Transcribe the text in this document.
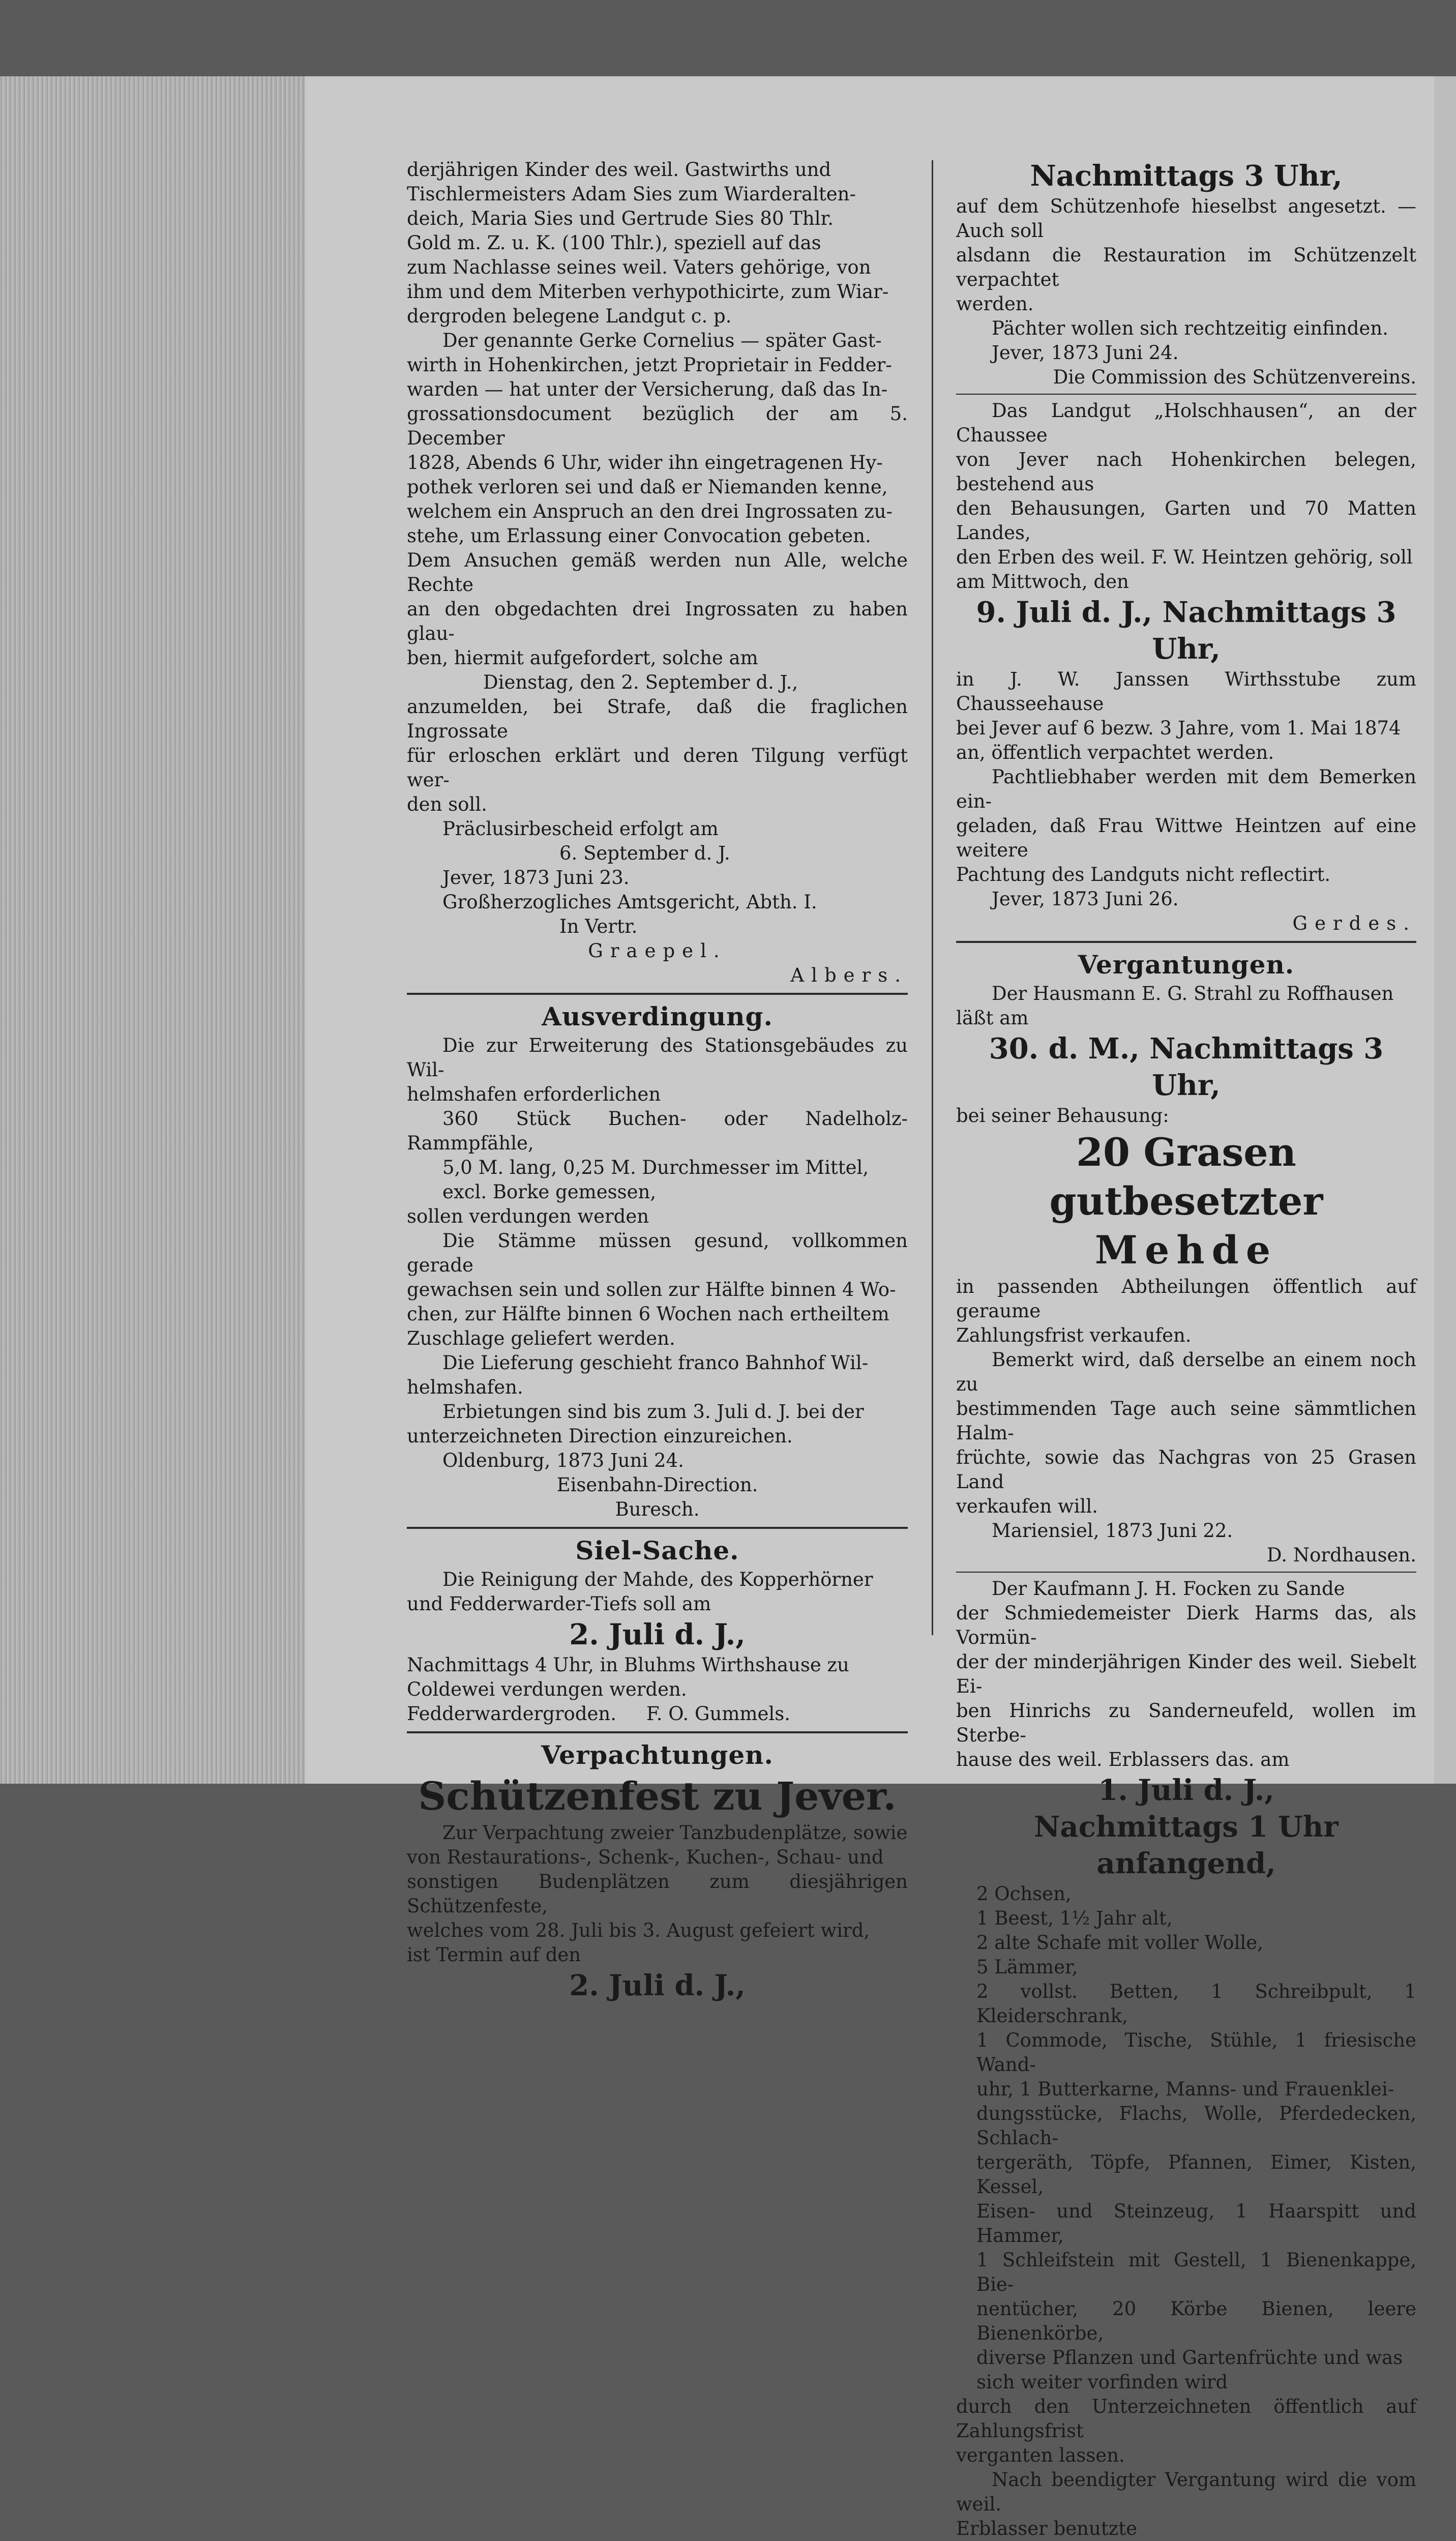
derjährigen Kinder des weil. Gastwirths und

Tischlermeisters Adam Sies zum Wiarderalten-

deich, Maria Sies und Gertrude Sies 80 Thlr.

Gold m. Z. u. K. (100 Thlr.), speziell auf das

zum Nachlasse seines weil. Vaters gehörige, von

ihm und dem Miterben verhypothicirte, zum Wiar-

dergroden belegene Landgut c. p.

Der genannte Gerke Cornelius — später Gast-

wirth in Hohenkirchen, jetzt Proprietair in Fedder-

warden — hat unter der Versicherung, daß das In-

grossationsdocument bezüglich der am 5. December

1828, Abends 6 Uhr, wider ihn eingetragenen Hy-

pothek verloren sei und daß er Niemanden kenne,

welchem ein Anspruch an den drei Ingrossaten zu-

stehe, um Erlassung einer Convocation gebeten.

Dem Ansuchen gemäß werden nun Alle, welche Rechte

an den obgedachten drei Ingrossaten zu haben glau-

ben, hiermit aufgefordert, solche am

Dienstag, den 2. September d. J.,

anzumelden, bei Strafe, daß die fraglichen Ingrossate

für erloschen erklärt und deren Tilgung verfügt wer-

den soll.

Präclusirbescheid erfolgt am

6. September d. J.

Jever, 1873 Juni 23.

Großherzogliches Amtsgericht, Abth. I.

In Vertr.

Graepel.

Albers.

Ausverdingung.

Die zur Erweiterung des Stationsgebäudes zu Wil-

helmshafen erforderlichen

360 Stück Buchen- oder Nadelholz-Rammpfähle,

5,0 M. lang, 0,25 M. Durchmesser im Mittel,

excl. Borke gemessen,

sollen verdungen werden

Die Stämme müssen gesund, vollkommen gerade

gewachsen sein und sollen zur Hälfte binnen 4 Wo-

chen, zur Hälfte binnen 6 Wochen nach ertheiltem

Zuschlage geliefert werden.

Die Lieferung geschieht franco Bahnhof Wil-

helmshafen.

Erbietungen sind bis zum 3. Juli d. J. bei der

unterzeichneten Direction einzureichen.

Oldenburg, 1873 Juni 24.

Eisenbahn-Direction.

Buresch.

Siel-Sache.

Die Reinigung der Mahde, des Kopperhörner

und Fedderwarder-Tiefs soll am

2. Juli d. J.,

Nachmittags 4 Uhr, in Bluhms Wirthshause zu

Coldewei verdungen werden.

Fedderwardergroden. F. O. Gummels.

Verpachtungen.

Schützenfest zu Jever.

Zur Verpachtung zweier Tanzbudenplätze, sowie

von Restaurations-, Schenk-, Kuchen-, Schau- und

sonstigen Budenplätzen zum diesjährigen Schützenfeste,

welches vom 28. Juli bis 3. August gefeiert wird,

ist Termin auf den

2. Juli d. J.,

Nachmittags 3 Uhr,

auf dem Schützenhofe hieselbst angesetzt. — Auch soll

alsdann die Restauration im Schützenzelt verpachtet

werden.

Pächter wollen sich rechtzeitig einfinden.

Jever, 1873 Juni 24.

Die Commission des Schützenvereins.

Das Landgut „Holschhausen“, an der Chaussee

von Jever nach Hohenkirchen belegen, bestehend aus

den Behausungen, Garten und 70 Matten Landes,

den Erben des weil. F. W. Heintzen gehörig, soll

am Mittwoch, den

9. Juli d. J., Nachmittags 3 Uhr,

in J. W. Janssen Wirthsstube zum Chausseehause

bei Jever auf 6 bezw. 3 Jahre, vom 1. Mai 1874

an, öffentlich verpachtet werden.

Pachtliebhaber werden mit dem Bemerken ein-

geladen, daß Frau Wittwe Heintzen auf eine weitere

Pachtung des Landguts nicht reflectirt.

Jever, 1873 Juni 26.

Gerdes.

Vergantungen.

Der Hausmann E. G. Strahl zu Roffhausen

läßt am

30. d. M., Nachmittags 3 Uhr,

bei seiner Behausung:

20 Grasen gutbesetzter

Mehde

in passenden Abtheilungen öffentlich auf geraume

Zahlungsfrist verkaufen.

Bemerkt wird, daß derselbe an einem noch zu

bestimmenden Tage auch seine sämmtlichen Halm-

früchte, sowie das Nachgras von 25 Grasen Land

verkaufen will.

Mariensiel, 1873 Juni 22.

D. Nordhausen.

Der Kaufmann J. H. Focken zu Sande

der Schmiedemeister Dierk Harms das, als Vormün-

der der minderjährigen Kinder des weil. Siebelt Ei-

ben Hinrichs zu Sanderneufeld, wollen im Sterbe-

hause des weil. Erblassers das. am

1. Juli d. J.,

Nachmittags 1 Uhr anfangend,

2 Ochsen,

1 Beest, 1½ Jahr alt,

2 alte Schafe mit voller Wolle,

5 Lämmer,

2 vollst. Betten, 1 Schreibpult, 1 Kleiderschrank,

1 Commode, Tische, Stühle, 1 friesische Wand-

uhr, 1 Butterkarne, Manns- und Frauenklei-

dungsstücke, Flachs, Wolle, Pferdedecken, Schlach-

tergeräth, Töpfe, Pfannen, Eimer, Kisten, Kessel,

Eisen- und Steinzeug, 1 Haarspitt und Hammer,

1 Schleifstein mit Gestell, 1 Bienenkappe, Bie-

nentücher, 20 Körbe Bienen, leere Bienenkörbe,

diverse Pflanzen und Gartenfrüchte und was

sich weiter vorfinden wird

durch den Unterzeichneten öffentlich auf Zahlungsfrist

verganten lassen.

Nach beendigter Vergantung wird die vom weil.

Erblasser benutzte
